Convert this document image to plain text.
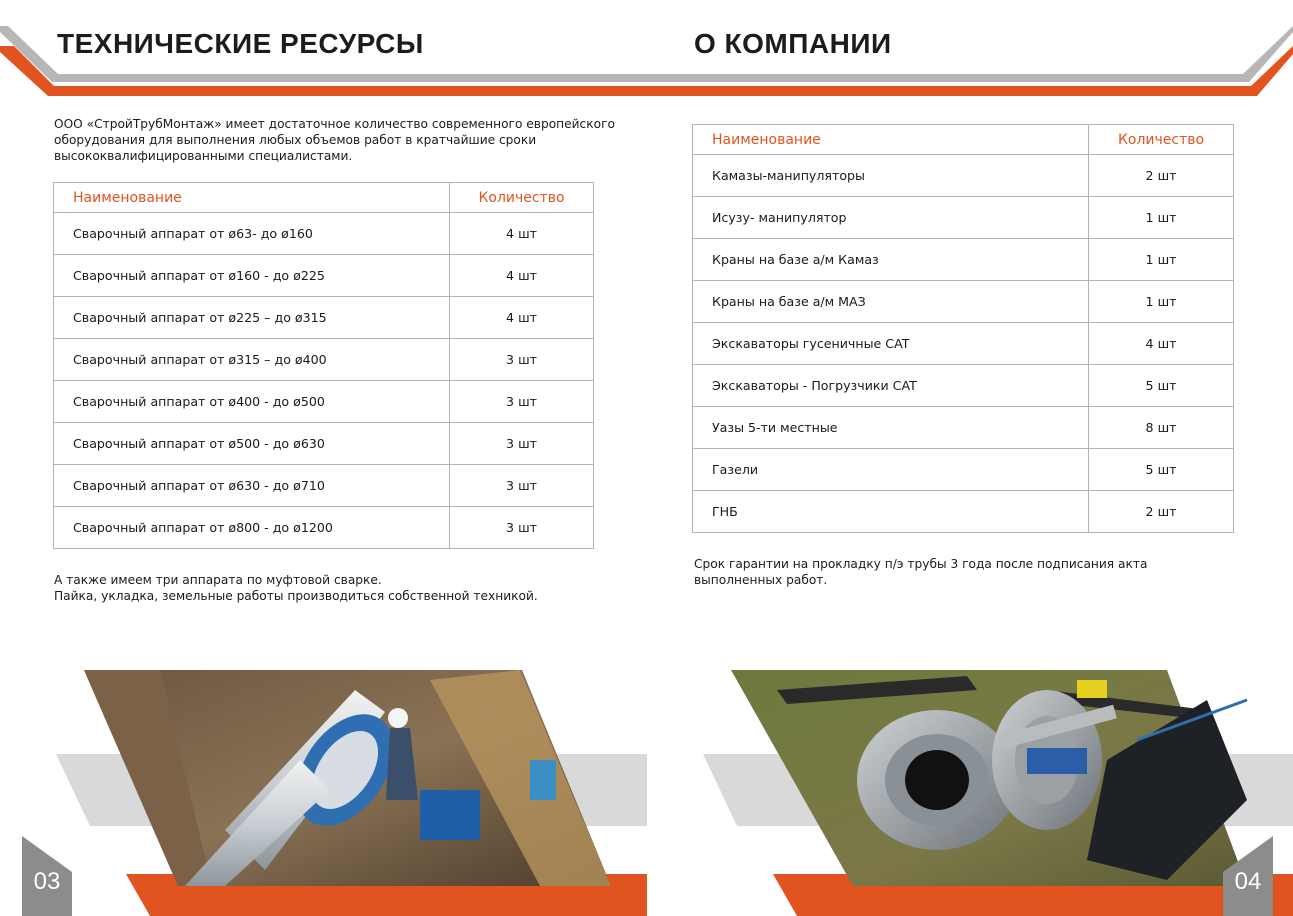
ТЕХНИЧЕСКИЕ РЕСУРСЫ
ООО «СтройТрубМонтаж» имеет достаточное количество современного европейского
оборудования для выполнения любых объемов работ в кратчайшие сроки
высококвалифицированными специалистами.
Наименование	Количество
Сварочный аппарат от ø63- до ø160	4 шт
Сварочный аппарат от ø160 - до ø225	4 шт
Сварочный аппарат от ø225 – до ø315	4 шт
Сварочный аппарат от ø315 – до ø400	3 шт
Сварочный аппарат от ø400 - до ø500	3 шт
Сварочный аппарат от ø500 - до ø630	3 шт
Сварочный аппарат от ø630 - до ø710	3 шт
Сварочный аппарат от ø800 - до ø1200	3 шт
А также имеем три аппарата по муфтовой сварке.
Пайка, укладка, земельные работы производиться собственной техникой.
03
О КОМПАНИИ
Наименование	Количество
Камазы-манипуляторы	2 шт
Исузу- манипулятор	1 шт
Краны на базе а/м Камаз	1 шт
Краны на базе а/м МАЗ	1 шт
Экскаваторы гусеничные CAT	4 шт
Экскаваторы - Погрузчики CAT	5 шт
Уазы 5-ти местные	8 шт
Газели	5 шт
ГНБ	2 шт
Срок гарантии на прокладку п/э трубы 3 года после подписания акта
выполненных работ.
04
